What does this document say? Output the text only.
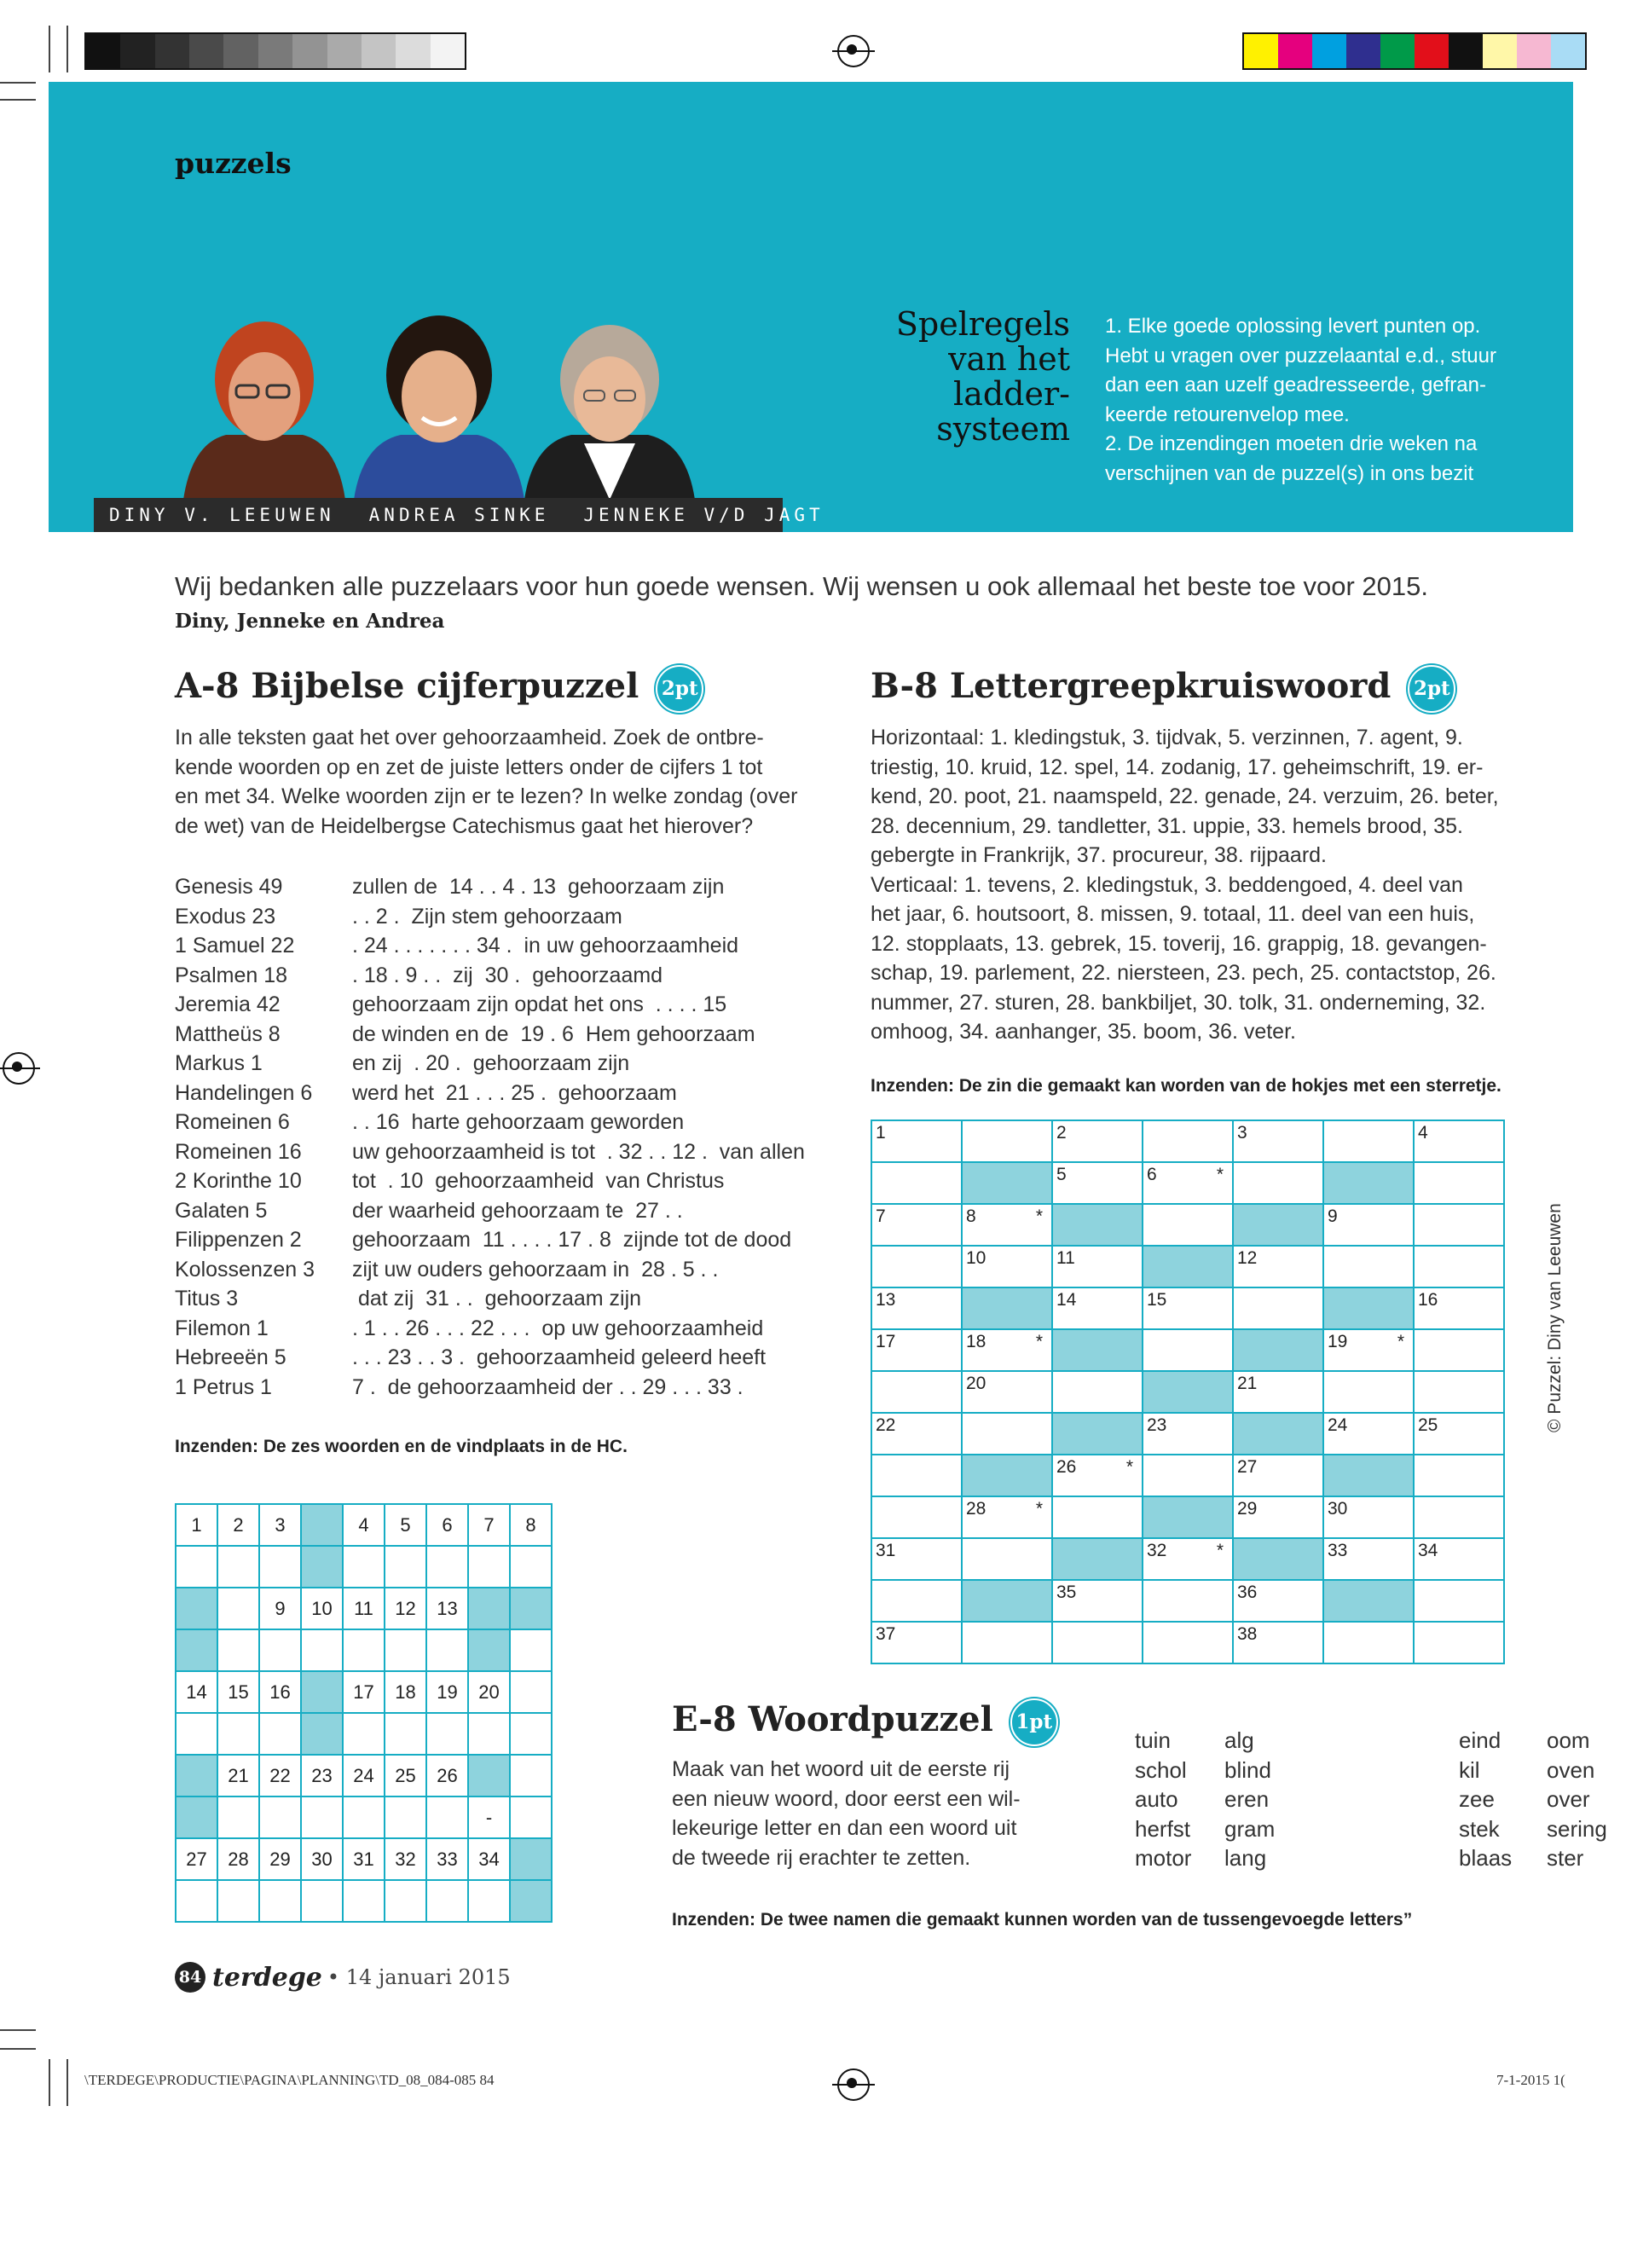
puzzels
DINY V. LEEUWEN ANDREA SINKE JENNEKE V/D JAGT
Spelregels
van het
ladder-
systeem
1. Elke goede oplossing levert punten op.
Hebt u vragen over puzzelaantal e.d., stuur
dan een aan uzelf geadresseerde, gefran-
keerde retourenvelop mee.
2. De inzendingen moeten drie weken na
verschijnen van de puzzel(s) in ons bezit
Wij bedanken alle puzzelaars voor hun goede wensen. Wij wensen u ook allemaal het beste toe voor 2015.
Diny, Jenneke en Andrea
A-8 Bijbelse cijferpuzzel 2pt
In alle teksten gaat het over gehoorzaamheid. Zoek de ontbre-
kende woorden op en zet de juiste letters onder de cijfers 1 tot
en met 34. Welke woorden zijn er te lezen? In welke zondag (over
de wet) van de Heidelbergse Catechismus gaat het hierover?
Genesis 49	zullen de  14 . . 4 . 13  gehoorzaam zijn
Exodus 23	. . 2 .  Zijn stem gehoorzaam
1 Samuel 22	. 24 . . . . . . . 34 .  in uw gehoorzaamheid
Psalmen 18	. 18 . 9 . .  zij  30 .  gehoorzaamd
Jeremia 42	gehoorzaam zijn opdat het ons  . . . . 15
Mattheüs 8	de winden en de  19 . 6  Hem gehoorzaam
Markus 1	en zij  . 20 .  gehoorzaam zijn
Handelingen 6	werd het  21 . . . 25 .  gehoorzaam
Romeinen 6	. . 16  harte gehoorzaam geworden
Romeinen 16	uw gehoorzaamheid is tot  . 32 . . 12 .  van allen
2 Korinthe 10	tot  . 10  gehoorzaamheid  van Christus
Galaten 5	der waarheid gehoorzaam te  27 . .
Filippenzen 2	gehoorzaam  11 . . . . 17 . 8  zijnde tot de dood
Kolossenzen 3	zijt uw ouders gehoorzaam in  28 . 5 . .
Titus 3	dat zij  31 . .  gehoorzaam zijn
Filemon 1	. 1 . . 26 . . . 22 . . .  op uw gehoorzaamheid
Hebreeën 5	. . . 23 . . 3 .  gehoorzaamheid geleerd heeft
1 Petrus 1	7 .  de gehoorzaamheid der . . 29 . . . 33 .
Inzenden: De zes woorden en de vindplaats in de HC.
1	2	3		4	5	6	7	8

		9	10	11	12	13		

14	15	16		17	18	19	20	

	21	22	23	24	25	26		
							-	
27	28	29	30	31	32	33	34	

B-8 Lettergreepkruiswoord 2pt
Horizontaal: 1. kledingstuk, 3. tijdvak, 5. verzinnen, 7. agent, 9.
triestig, 10. kruid, 12. spel, 14. zodanig, 17. geheimschrift, 19. er-
kend, 20. poot, 21. naamspeld, 22. genade, 24. verzuim, 26. beter,
28. decennium, 29. tandletter, 31. uppie, 33. hemels brood, 35.
gebergte in Frankrijk, 37. procureur, 38. rijpaard.
Verticaal: 1. tevens, 2. kledingstuk, 3. beddengoed, 4. deel van
het jaar, 6. houtsoort, 8. missen, 9. totaal, 11. deel van een huis,
12. stopplaats, 13. gebrek, 15. toverij, 16. grappig, 18. gevangen-
schap, 19. parlement, 22. niersteen, 23. pech, 25. contactstop, 26.
nummer, 27. sturen, 28. bankbiljet, 30. tolk, 31. onderneming, 32.
omhoog, 34. aanhanger, 35. boom, 36. veter.
Inzenden: De zin die gemaakt kan worden van de hokjes met een sterretje.
1		2		3		4

		5	6 *			

7	8 *				9	

	10	11		12		

13		14	15			16

17	18 *				19 *	

	20			21		

22			23		24	25

		26 *		27		

	28 *			29	30	

31			32 *		33	34

		35		36		

37				38		

© Puzzel: Diny van Leeuwen
E-8 Woordpuzzel 1pt
Maak van het woord uit de eerste rij
een nieuw woord, door eerst een wil-
lekeurige letter en dan een woord uit
de tweede rij erachter te zetten.
tuin	alg	eind	oom
schol	blind	kil	oven
auto	eren	zee	over
herfst	gram	stek	sering
motor	lang	blaas	ster
Inzenden: De twee namen die gemaakt kunnen worden van de tussengevoegde letters”
84 terdege • 14 januari 2015
\TERDEGE\PRODUCTIE\PAGINA\PLANNING\TD_08_084-085 84	7-1-2015 1(
